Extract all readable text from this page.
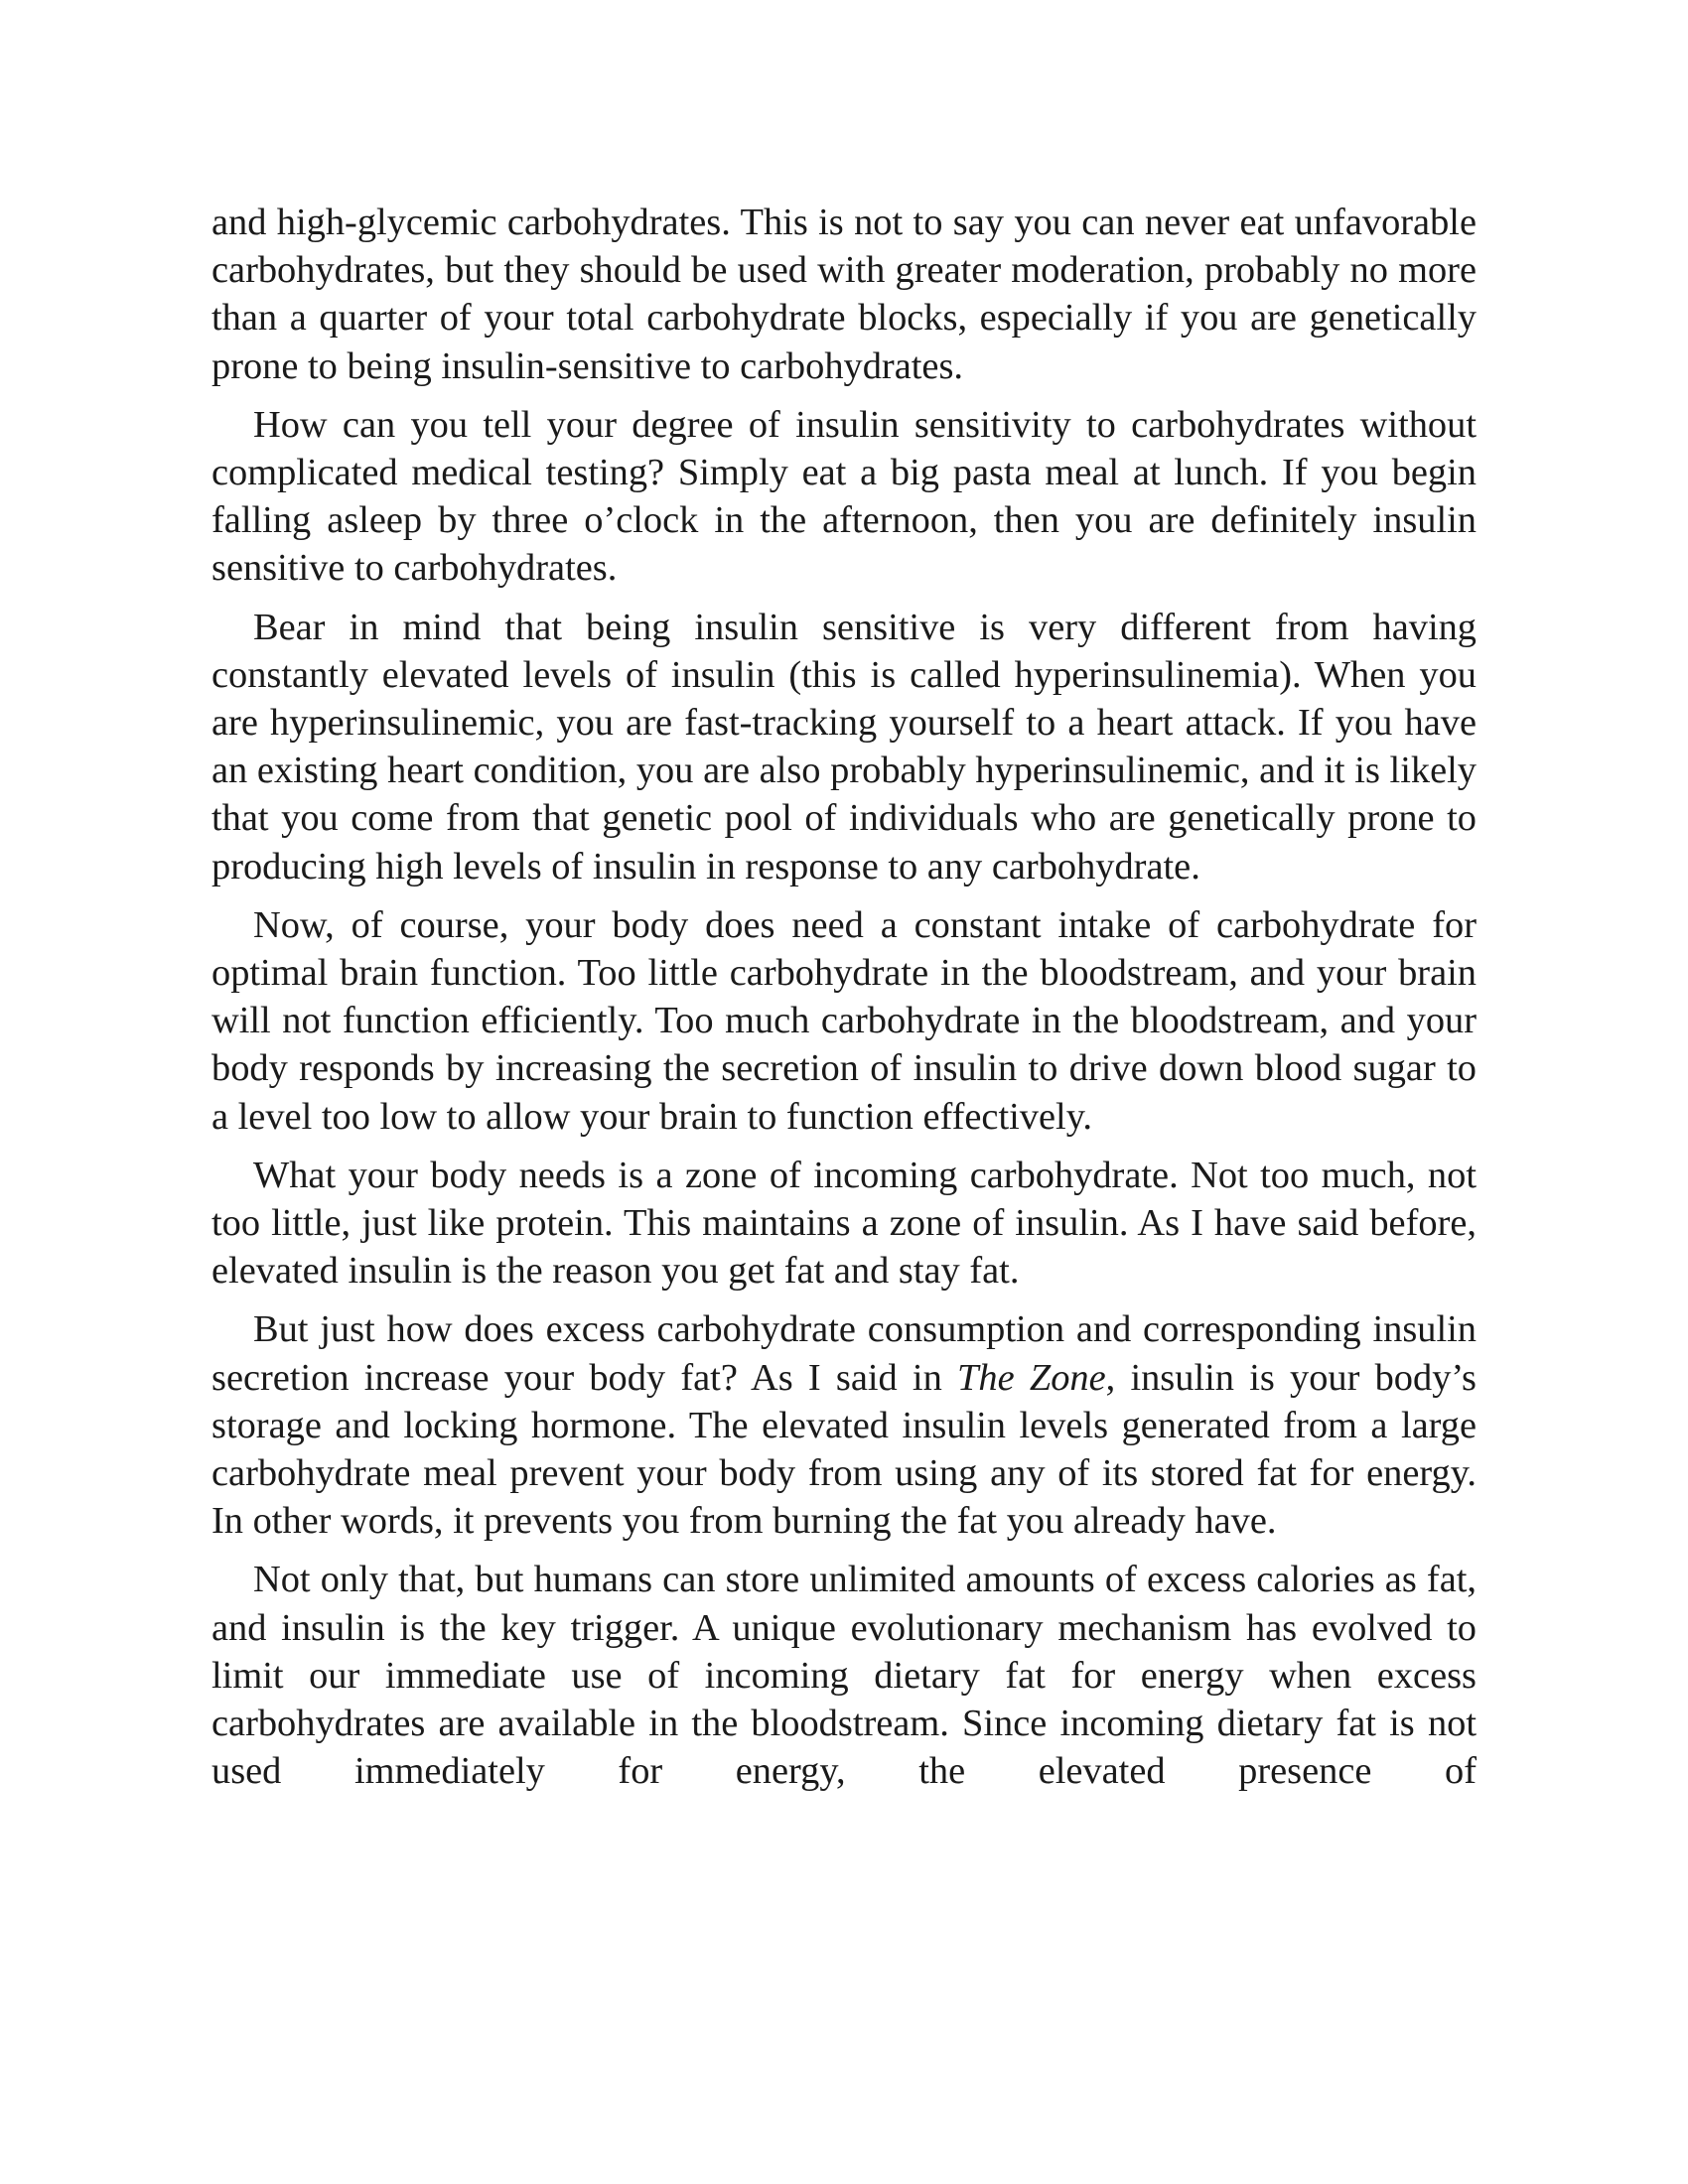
and high-glycemic carbohydrates. This is not to say you can never eat unfavorable carbohydrates, but they should be used with greater moderation, probably no more than a quarter of your total carbohydrate blocks, especially if you are genetically prone to being insulin-sensitive to carbohydrates.

How can you tell your degree of insulin sensitivity to carbohydrates without complicated medical testing? Simply eat a big pasta meal at lunch. If you begin falling asleep by three o’clock in the afternoon, then you are definitely insulin sensitive to carbohydrates.

Bear in mind that being insulin sensitive is very different from having constantly elevated levels of insulin (this is called hyperinsulinemia). When you are hyperinsulinemic, you are fast-tracking yourself to a heart attack. If you have an existing heart condition, you are also probably hyperinsulinemic, and it is likely that you come from that genetic pool of individuals who are genetically prone to producing high levels of insulin in response to any carbohydrate.

Now, of course, your body does need a constant intake of carbohydrate for optimal brain function. Too little carbohydrate in the bloodstream, and your brain will not function efficiently. Too much carbohydrate in the bloodstream, and your body responds by increasing the secretion of insulin to drive down blood sugar to a level too low to allow your brain to function effectively.

What your body needs is a zone of incoming carbohydrate. Not too much, not too little, just like protein. This maintains a zone of insulin. As I have said before, elevated insulin is the reason you get fat and stay fat.

But just how does excess carbohydrate consumption and corresponding insulin secretion increase your body fat? As I said in The Zone, insulin is your body’s storage and locking hormone. The elevated insulin levels generated from a large carbohydrate meal prevent your body from using any of its stored fat for energy. In other words, it prevents you from burning the fat you already have.

Not only that, but humans can store unlimited amounts of excess calories as fat, and insulin is the key trigger. A unique evolutionary mechanism has evolved to limit our immediate use of incoming dietary fat for energy when excess carbohydrates are available in the bloodstream. Since incoming dietary fat is not used immediately for energy, the elevated presence of
